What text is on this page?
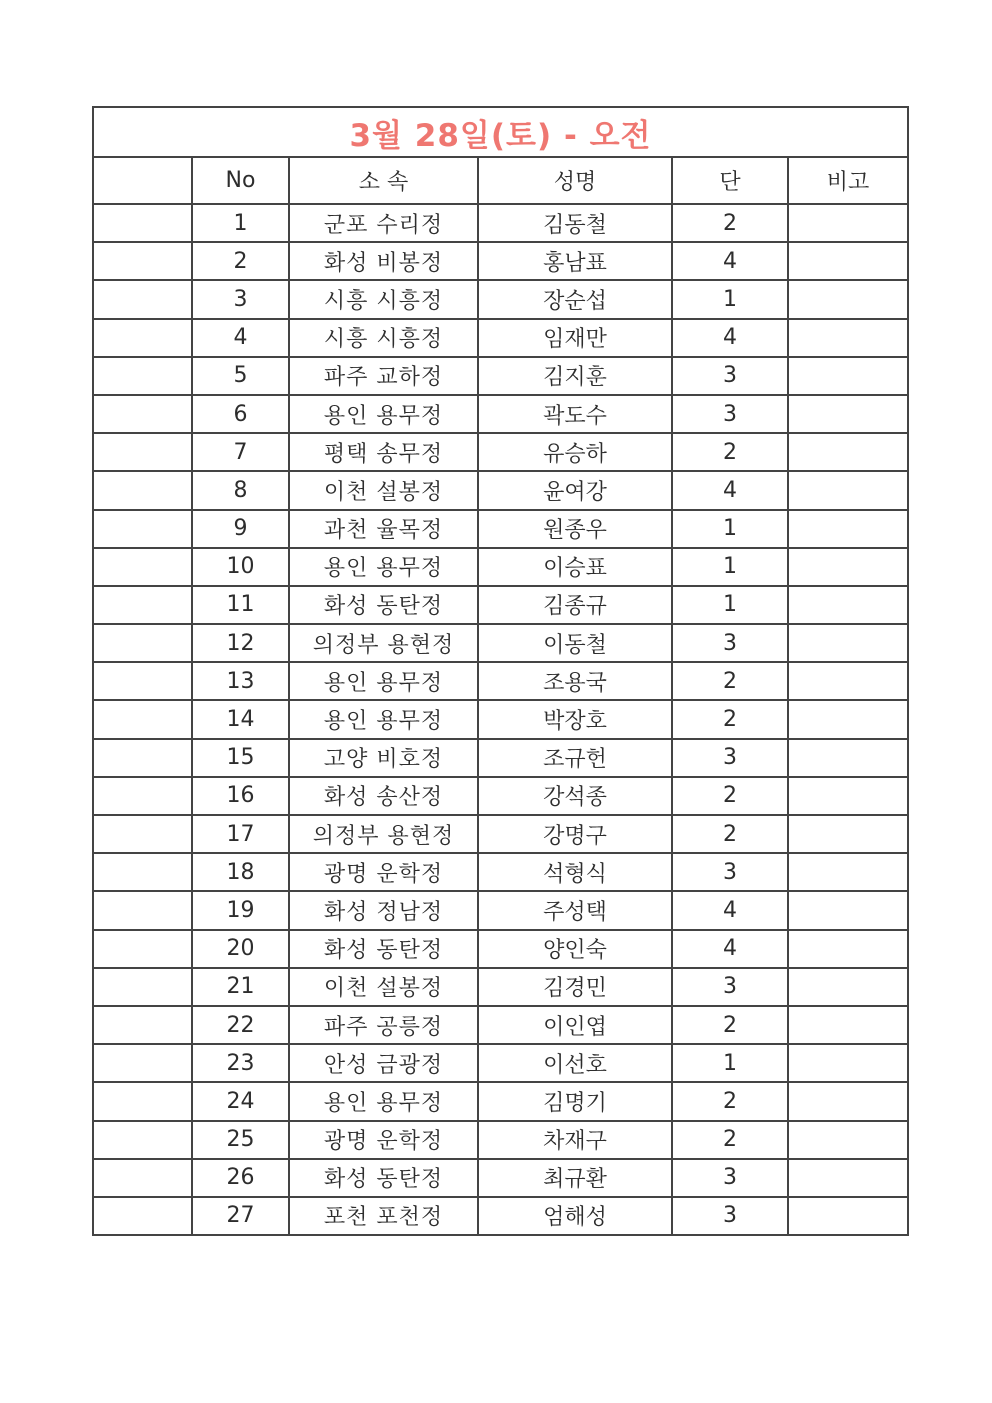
3월 28일(토) - 오전
	No	소 속	성명	단	비고
	1	군포 수리정	김동철	2	
	2	화성 비봉정	홍남표	4	
	3	시흥 시흥정	장순섭	1	
	4	시흥 시흥정	임재만	4	
	5	파주 교하정	김지훈	3	
	6	용인 용무정	곽도수	3	
	7	평택 송무정	유승하	2	
	8	이천 설봉정	윤여강	4	
	9	과천 율목정	원종우	1	
	10	용인 용무정	이승표	1	
	11	화성 동탄정	김종규	1	
	12	의정부 용현정	이동철	3	
	13	용인 용무정	조용국	2	
	14	용인 용무정	박장호	2	
	15	고양 비호정	조규헌	3	
	16	화성 송산정	강석종	2	
	17	의정부 용현정	강명구	2	
	18	광명 운학정	석형식	3	
	19	화성 정남정	주성택	4	
	20	화성 동탄정	양인숙	4	
	21	이천 설봉정	김경민	3	
	22	파주 공릉정	이인엽	2	
	23	안성 금광정	이선호	1	
	24	용인 용무정	김명기	2	
	25	광명 운학정	차재구	2	
	26	화성 동탄정	최규환	3	
	27	포천 포천정	엄해성	3	
